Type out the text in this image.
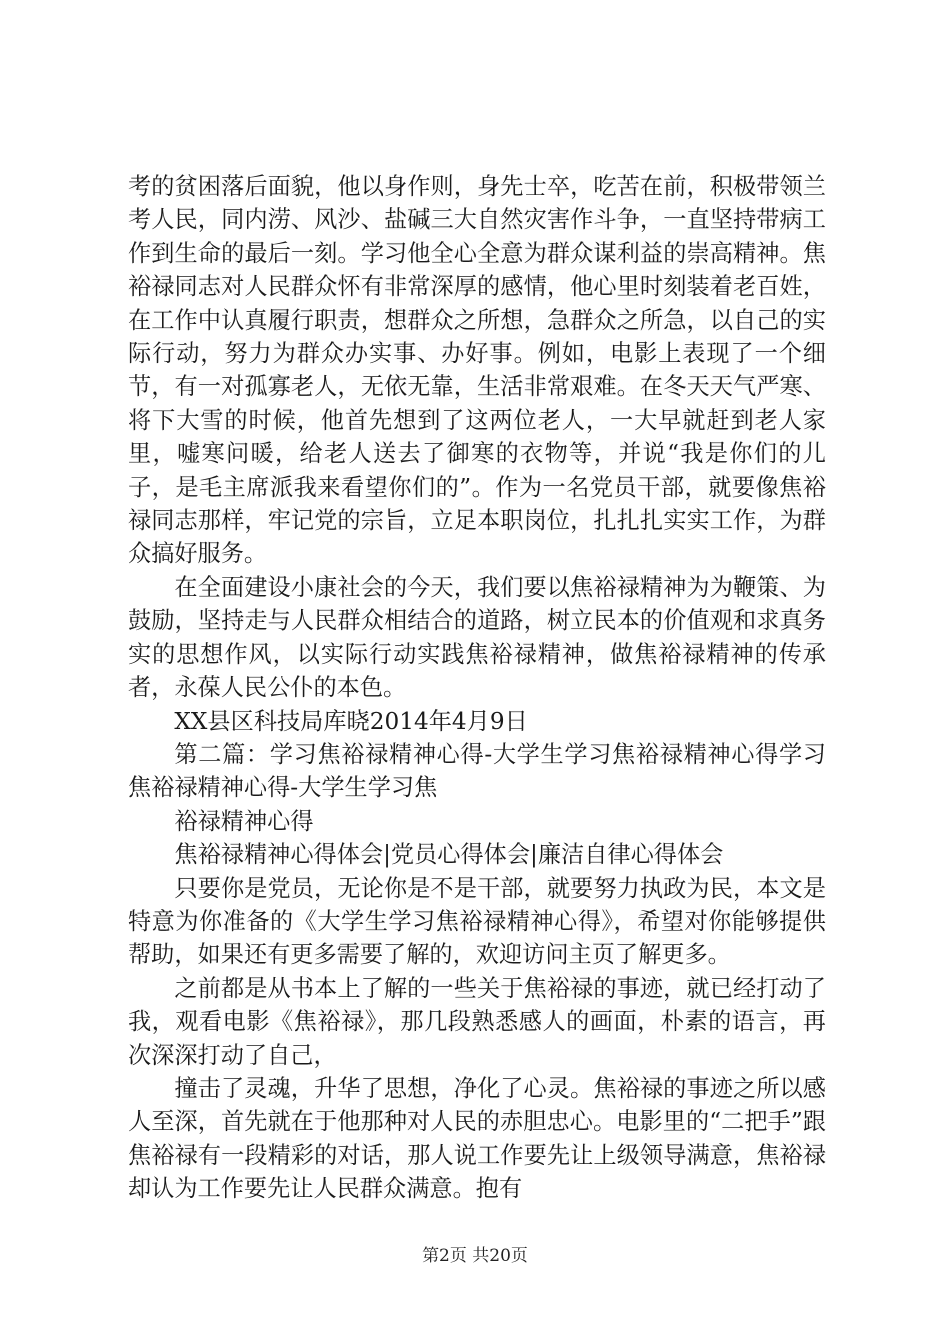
考的贫困落后面貌，他以身作则，身先士卒，吃苦在前，积极带领兰考人民，同内涝、风沙、盐碱三大自然灾害作斗争，一直坚持带病工作到生命的最后一刻。学习他全心全意为群众谋利益的崇高精神。焦裕禄同志对人民群众怀有非常深厚的感情，他心里时刻装着老百姓，在工作中认真履行职责，想群众之所想，急群众之所急，以自己的实际行动，努力为群众办实事、办好事。例如，电影上表现了一个细节，有一对孤寡老人，无依无靠，生活非常艰难。在冬天天气严寒、将下大雪的时候，他首先想到了这两位老人，一大早就赶到老人家里，嘘寒问暖，给老人送去了御寒的衣物等，并说“我是你们的儿子，是毛主席派我来看望你们的”。作为一名党员干部，就要像焦裕禄同志那样，牢记党的宗旨，立足本职岗位，扎扎扎实实工作，为群众搞好服务。

在全面建设小康社会的今天，我们要以焦裕禄精神为为鞭策、为鼓励，坚持走与人民群众相结合的道路，树立民本的价值观和求真务实的思想作风，以实际行动实践焦裕禄精神，做焦裕禄精神的传承者，永葆人民公仆的本色。

XX县区科技局库晓2014年4月9日

第二篇：学习焦裕禄精神心得-大学生学习焦裕禄精神心得学习焦裕禄精神心得-大学生学习焦

裕禄精神心得

焦裕禄精神心得体会|党员心得体会|廉洁自律心得体会

只要你是党员，无论你是不是干部，就要努力执政为民，本文是特意为你准备的《大学生学习焦裕禄精神心得》，希望对你能够提供帮助，如果还有更多需要了解的，欢迎访问主页了解更多。

之前都是从书本上了解的一些关于焦裕禄的事迹，就已经打动了我，观看电影《焦裕禄》，那几段熟悉感人的画面，朴素的语言，再次深深打动了自己，

撞击了灵魂，升华了思想，净化了心灵。焦裕禄的事迹之所以感人至深，首先就在于他那种对人民的赤胆忠心。电影里的“二把手”跟焦裕禄有一段精彩的对话，那人说工作要先让上级领导满意，焦裕禄却认为工作要先让人民群众满意。抱有

第2页 共20页
